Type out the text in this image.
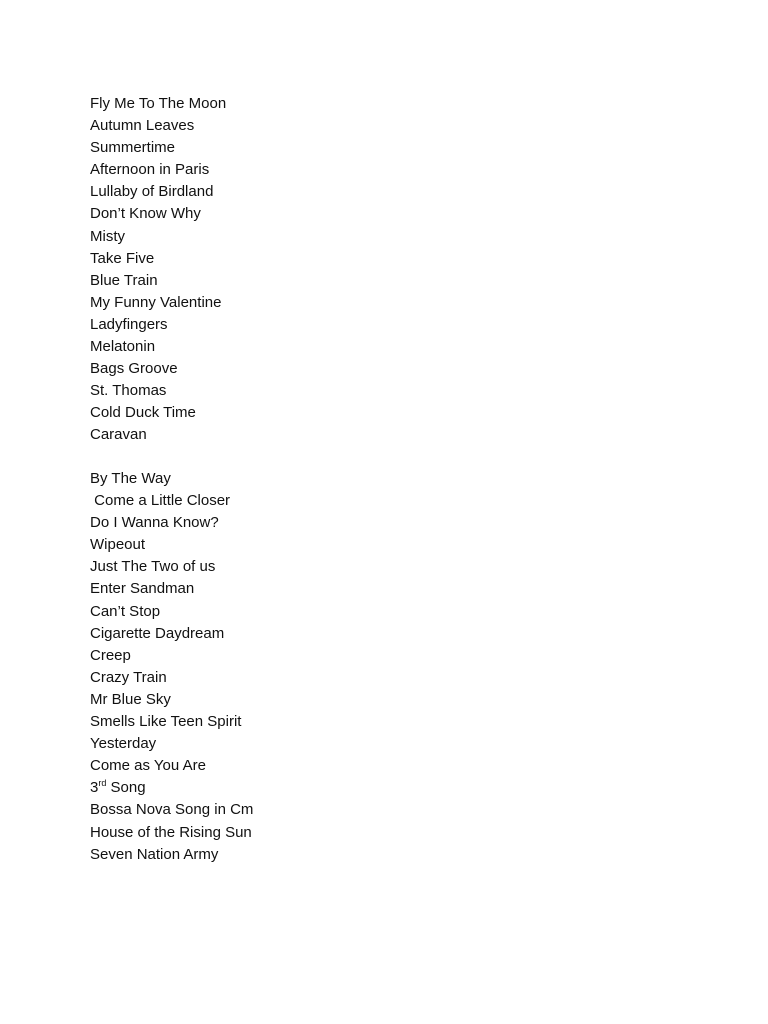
Fly Me To The Moon
Autumn Leaves
Summertime
Afternoon in Paris
Lullaby of Birdland
Don’t Know Why
Misty
Take Five
Blue Train
My Funny Valentine
Ladyfingers
Melatonin
Bags Groove
St. Thomas
Cold Duck Time
Caravan
By The Way
Come a Little Closer
Do I Wanna Know?
Wipeout
Just The Two of us
Enter Sandman
Can’t Stop
Cigarette Daydream
Creep
Crazy Train
Mr Blue Sky
Smells Like Teen Spirit
Yesterday
Come as You Are
3rd Song
Bossa Nova Song in Cm
House of the Rising Sun
Seven Nation Army
